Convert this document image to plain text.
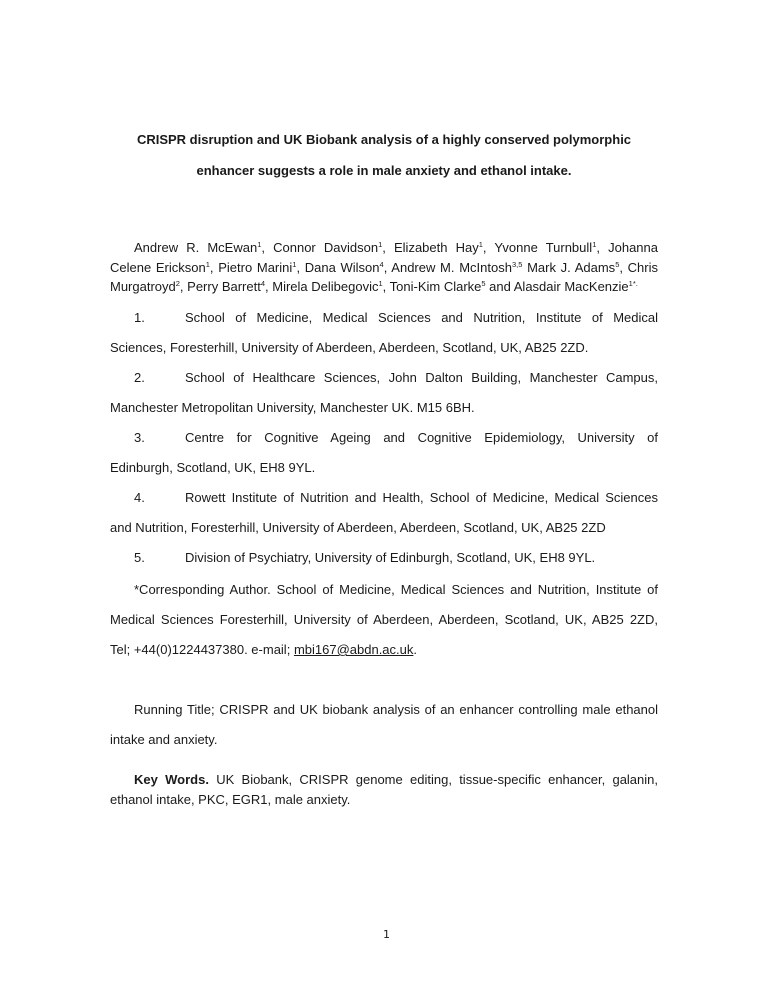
CRISPR disruption and UK Biobank analysis of a highly conserved polymorphic
enhancer suggests a role in male anxiety and ethanol intake.
Andrew R. McEwan$^1$, Connor Davidson$^1$, Elizabeth Hay$^1$, Yvonne Turnbull$^1$, Johanna Celene Erickson$^1$, Pietro Marini$^1$, Dana Wilson$^4$, Andrew M. McIntosh$^{3,5}$ Mark J. Adams$^5$, Chris Murgatroyd$^2$, Perry Barrett$^4$, Mirela Delibegovic$^1$, Toni-Kim Clarke$^5$ and Alasdair MacKenzie$^{1*.}$
1.	School of Medicine, Medical Sciences and Nutrition, Institute of Medical
Sciences, Foresterhill, University of Aberdeen, Aberdeen, Scotland, UK, AB25 2ZD.
2.	School of Healthcare Sciences, John Dalton Building, Manchester Campus,
Manchester Metropolitan University, Manchester UK. M15 6BH.
3.	Centre for Cognitive Ageing and Cognitive Epidemiology, University of
Edinburgh, Scotland, UK, EH8 9YL.
4.	Rowett Institute of Nutrition and Health, School of Medicine, Medical Sciences
and Nutrition, Foresterhill, University of Aberdeen, Aberdeen, Scotland, UK, AB25 2ZD
5.	Division of Psychiatry, University of Edinburgh, Scotland, UK, EH8 9YL.
*Corresponding Author. School of Medicine, Medical Sciences and Nutrition, Institute of
Medical Sciences Foresterhill, University of Aberdeen, Aberdeen, Scotland, UK, AB25 2ZD,
Tel; +44(0)1224437380. e-mail; mbi167@abdn.ac.uk.
Running Title; CRISPR and UK biobank analysis of an enhancer controlling male ethanol
intake and anxiety.
Key Words. UK Biobank, CRISPR genome editing, tissue-specific enhancer, galanin, ethanol intake, PKC, EGR1, male anxiety.
1
